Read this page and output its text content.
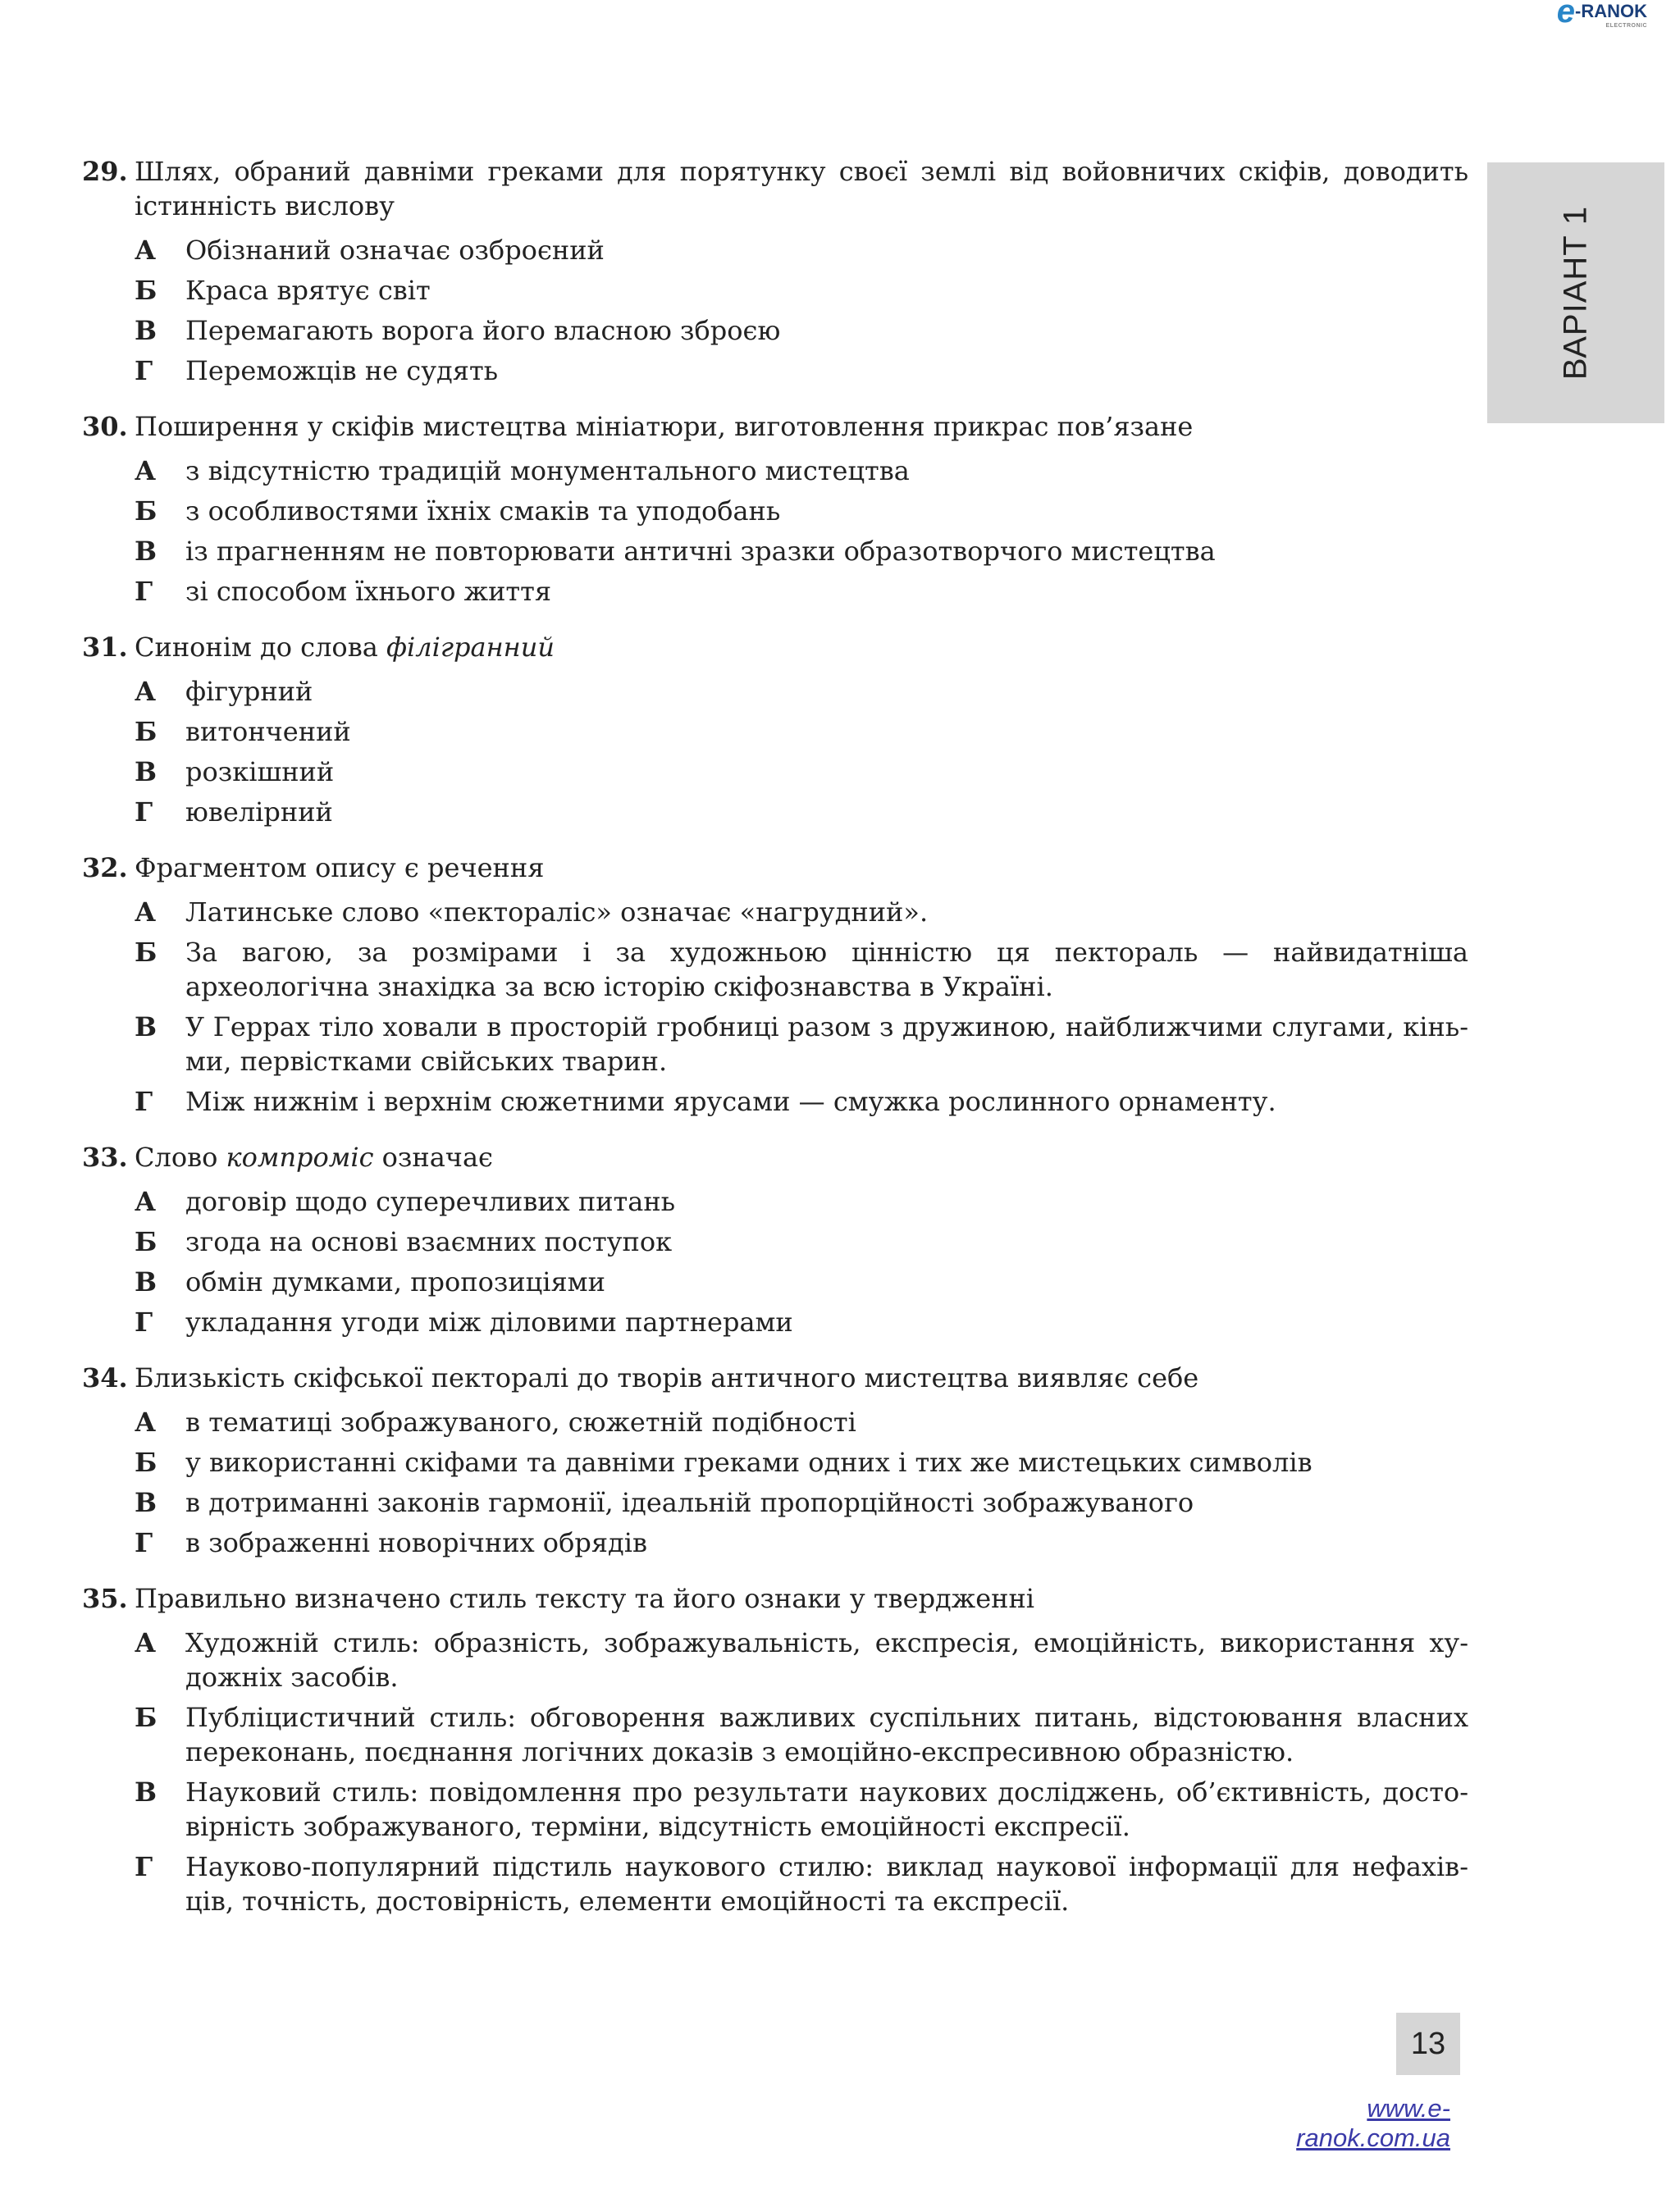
e-RANOK
ELECTRONIC
ВАРІАНТ 1
29. Шлях, обраний давніми греками для порятунку своєї землі від войовничих скіфів, доводить істинність вислову
А	Обізнаний означає озброєний
Б	Краса врятує світ
В	Перемагають ворога його власною зброєю
Г	Переможців не судять
30. Поширення у скіфів мистецтва мініатюри, виготовлення прикрас пов’язане
А	з відсутністю традицій монументального мистецтва
Б	з особливостями їхніх смаків та уподобань
В	із прагненням не повторювати античні зразки образотворчого мистецтва
Г	зі способом їхнього життя
31. Синонім до слова філігранний
А	фігурний
Б	витончений
В	розкішний
Г	ювелірний
32. Фрагментом опису є речення
А	Латинське слово «пектораліс» означає «нагрудний».
Б	За вагою, за розмірами і за художньою цінністю ця пектораль — найвидатніша археологічна знахідка за всю історію скіфознавства в Україні.
В	У Геррах тіло ховали в просторій гробниці разом з дружиною, найближчими слугами, кіньми, первістками свійських тварин.
Г	Між нижнім і верхнім сюжетними ярусами — смужка рослинного орнаменту.
33. Слово компроміс означає
А	договір щодо суперечливих питань
Б	згода на основі взаємних поступок
В	обмін думками, пропозиціями
Г	укладання угоди між діловими партнерами
34. Близькість скіфської пекторалі до творів античного мистецтва виявляє себе
А	в тематиці зображуваного, сюжетній подібності
Б	у використанні скіфами та давніми греками одних і тих же мистецьких символів
В	в дотриманні законів гармонії, ідеальній пропорційності зображуваного
Г	в зображенні новорічних обрядів
35. Правильно визначено стиль тексту та його ознаки у твердженні
А	Художній стиль: образність, зображувальність, експресія, емоційність, використання художніх засобів.
Б	Публіцистичний стиль: обговорення важливих суспільних питань, відстоювання власних переконань, поєднання логічних доказів з емоційно-експресивною образністю.
В	Науковий стиль: повідомлення про результати наукових досліджень, об’єктивність, достовірність зображуваного, терміни, відсутність емоційності експресії.
Г	Науково-популярний підстиль наукового стилю: виклад наукової інформації для нефахівців, точність, достовірність, елементи емоційності та експресії.
13
www.e-ranok.com.ua
